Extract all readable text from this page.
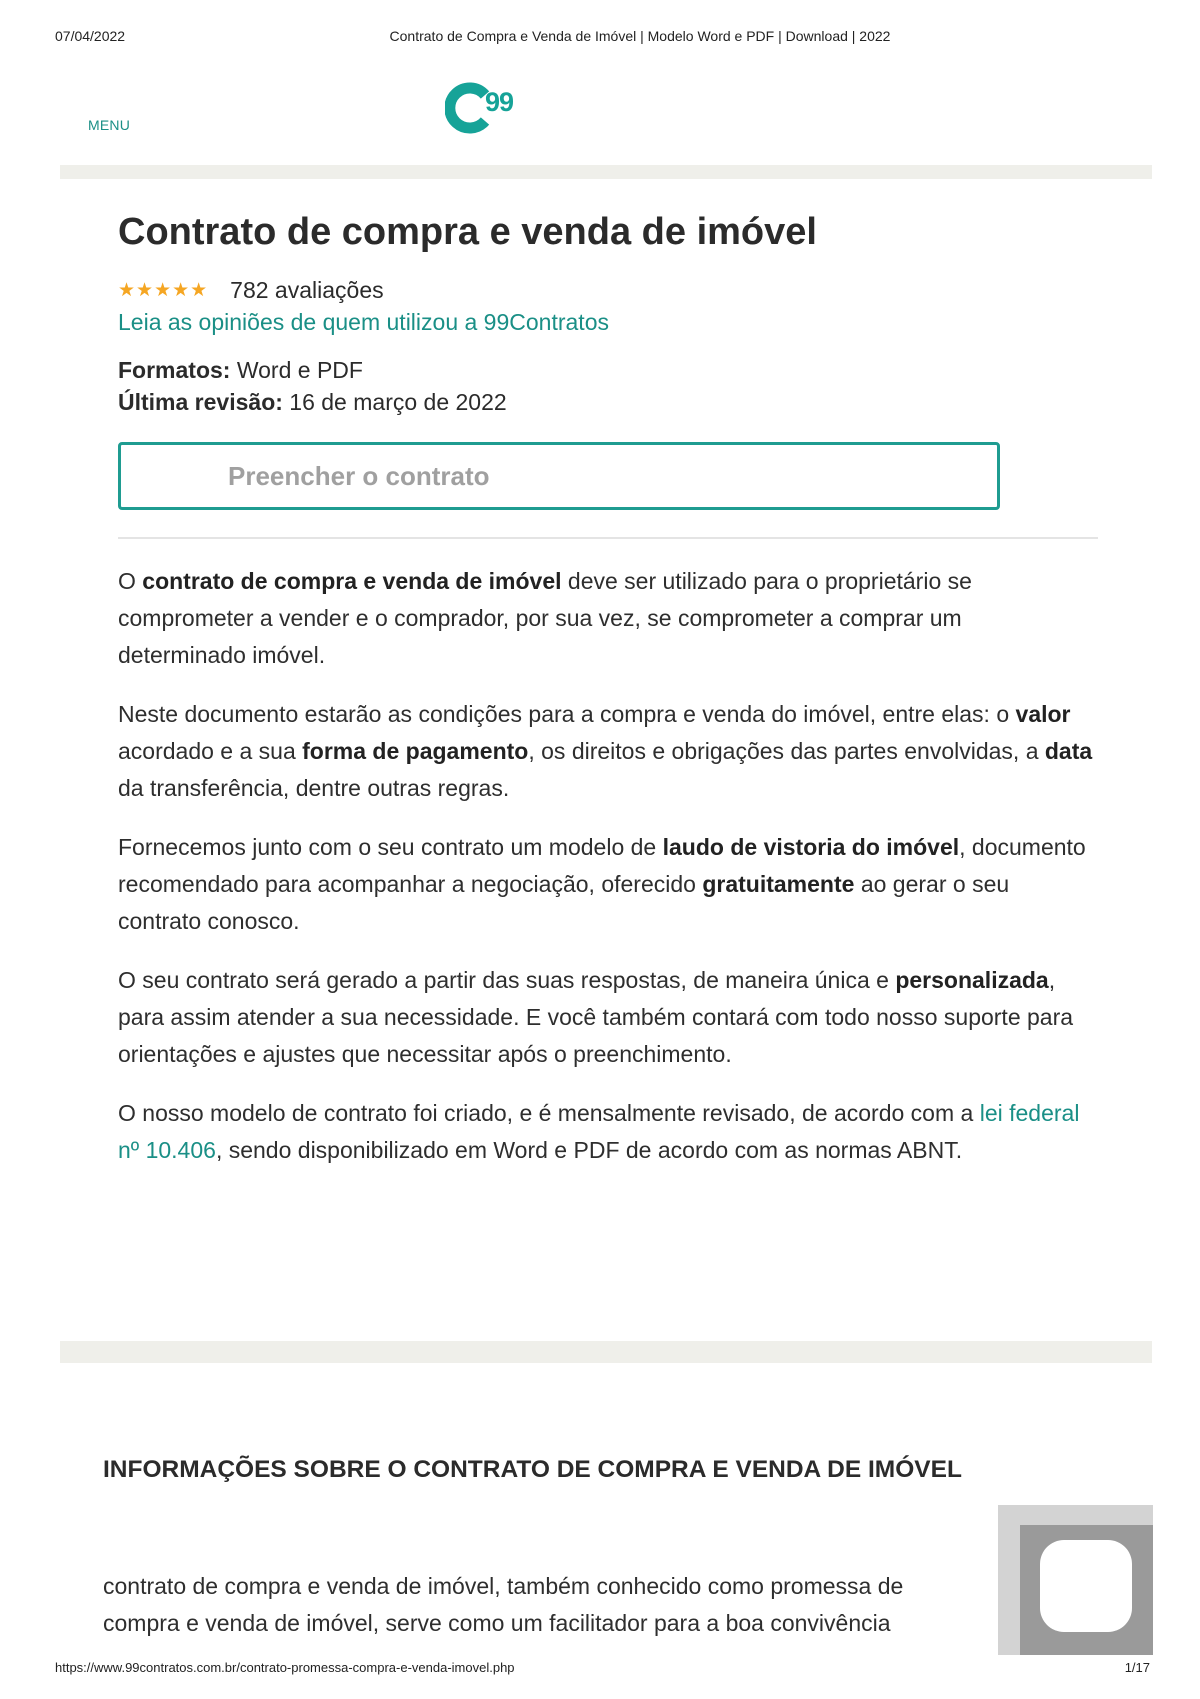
07/04/2022	Contrato de Compra e Venda de Imóvel | Modelo Word e PDF | Download | 2022
MENU
99
Contrato de compra e venda de imóvel
★★★★★ 782 avaliações
Leia as opiniões de quem utilizou a 99Contratos
Formatos: Word e PDF
Última revisão: 16 de março de 2022
Preencher o contrato

O contrato de compra e venda de imóvel deve ser utilizado para o proprietário se comprometer a vender e o comprador, por sua vez, se comprometer a comprar um determinado imóvel.

Neste documento estarão as condições para a compra e venda do imóvel, entre elas: o valor acordado e a sua forma de pagamento, os direitos e obrigações das partes envolvidas, a data da transferência, dentre outras regras.

Fornecemos junto com o seu contrato um modelo de laudo de vistoria do imóvel, documento recomendado para acompanhar a negociação, oferecido gratuitamente ao gerar o seu contrato conosco.

O seu contrato será gerado a partir das suas respostas, de maneira única e personalizada, para assim atender a sua necessidade. E você também contará com todo nosso suporte para orientações e ajustes que necessitar após o preenchimento.

O nosso modelo de contrato foi criado, e é mensalmente revisado, de acordo com a lei federal nº 10.406, sendo disponibilizado em Word e PDF de acordo com as normas ABNT.

INFORMAÇÕES SOBRE O CONTRATO DE COMPRA E VENDA DE IMÓVEL

contrato de compra e venda de imóvel, também conhecido como promessa de compra e venda de imóvel, serve como um facilitador para a boa convivência

https://www.99contratos.com.br/contrato-promessa-compra-e-venda-imovel.php	1/17
